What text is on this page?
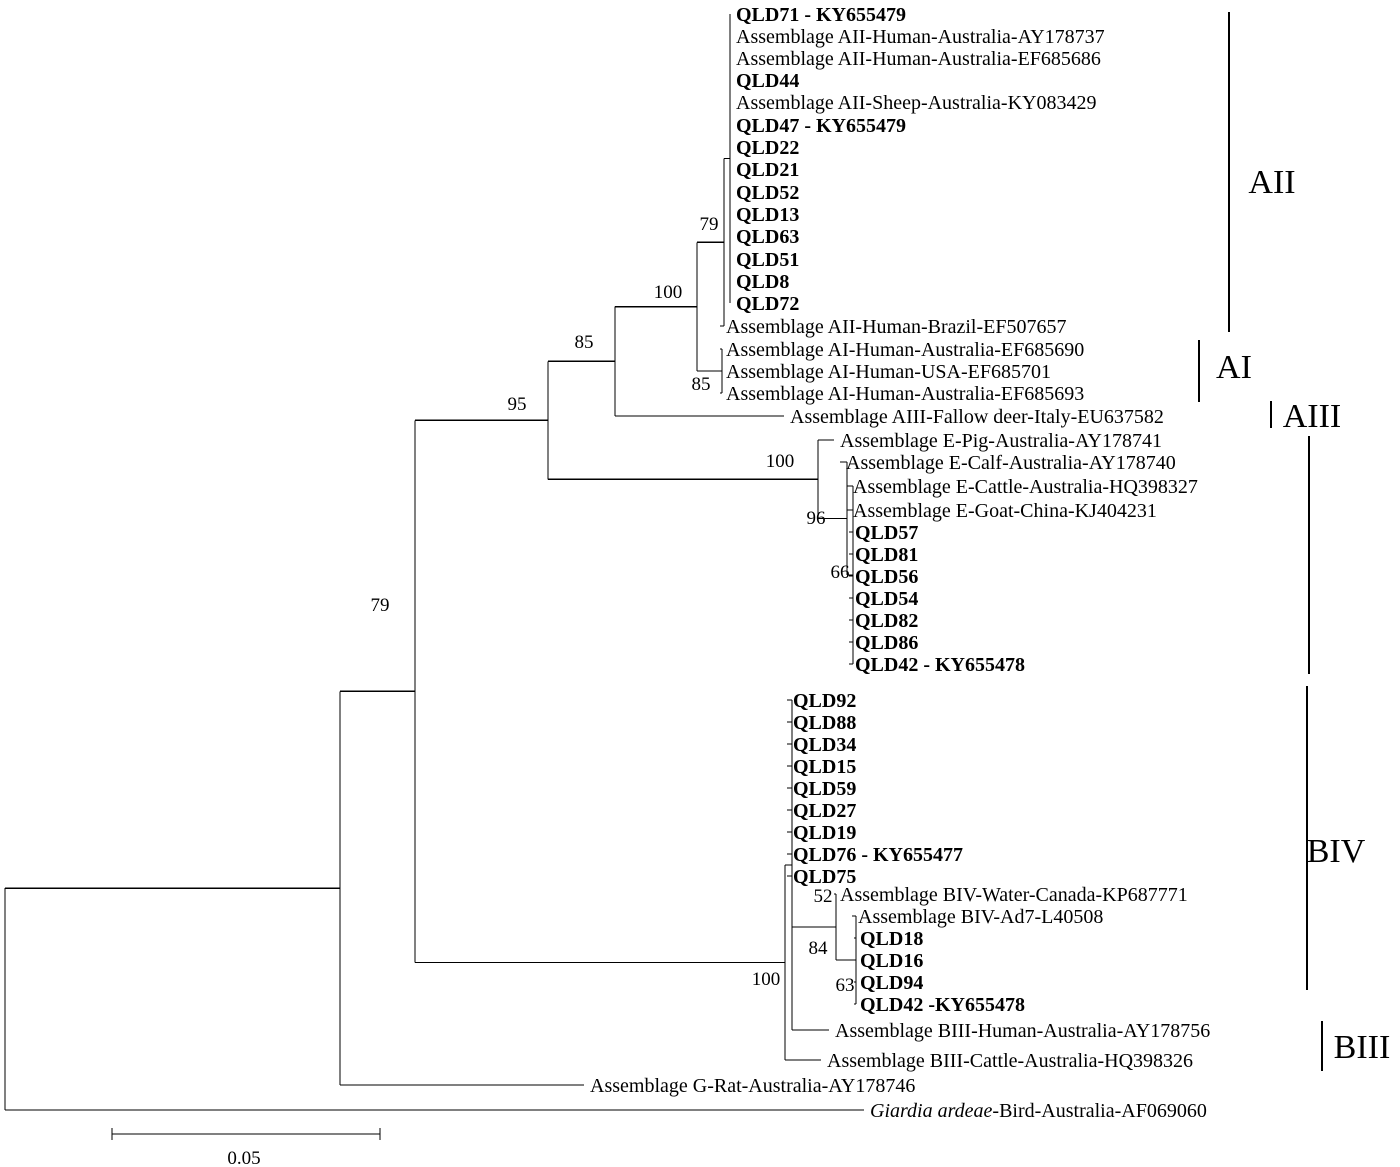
QLD71 - KY655479
Assemblage AII-Human-Australia-AY178737
Assemblage AII-Human-Australia-EF685686
QLD44
Assemblage AII-Sheep-Australia-KY083429
QLD47 - KY655479
QLD22
QLD21
QLD52
QLD13
QLD63
QLD51
QLD8
QLD72
Assemblage AII-Human-Brazil-EF507657
Assemblage AI-Human-Australia-EF685690
Assemblage AI-Human-USA-EF685701
Assemblage AI-Human-Australia-EF685693
Assemblage AIII-Fallow deer-Italy-EU637582
Assemblage E-Pig-Australia-AY178741
Assemblage E-Calf-Australia-AY178740
Assemblage E-Cattle-Australia-HQ398327
Assemblage E-Goat-China-KJ404231
QLD57
QLD81
QLD56
QLD54
QLD82
QLD86
QLD42 - KY655478
QLD92
QLD88
QLD34
QLD15
QLD59
QLD27
QLD19
QLD76 - KY655477
QLD75
Assemblage BIV-Water-Canada-KP687771
Assemblage BIV-Ad7-L40508
QLD18
QLD16
QLD94
QLD42 -KY655478
Assemblage BIII-Human-Australia-AY178756
Assemblage BIII-Cattle-Australia-HQ398326
Assemblage G-Rat-Australia-AY178746
Giardia ardeae-Bird-Australia-AF069060
79
100
85
85
95
79
100
96
66
100
84
52
63
AII
AI
AIII
BIV
BIII
0.05
